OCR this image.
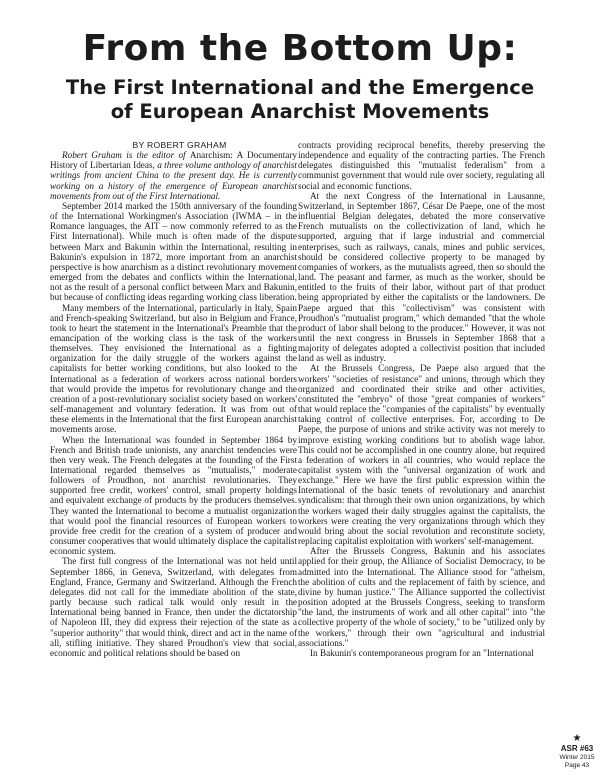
From the Bottom Up:
The First International and the Emergence
of European Anarchist Movements

BY ROBERT GRAHAM

Robert Graham is the editor of Anarchism: A Documentary History of Libertarian Ideas, a three volume anthology of anarchist writings from ancient China to the present day. He is currently working on a history of the emergence of European anarchist movements from out of the First International.

September 2014 marked the 150th anniversary of the founding of the International Workingmen's Association (IWMA – in the Romance languages, the AIT – now commonly referred to as the First International). While much is often made of the dispute between Marx and Bakunin within the International, resulting in Bakunin's expulsion in 1872, more important from an anarchist perspective is how anarchism as a distinct revolutionary movement emerged from the debates and conflicts within the International, not as the result of a personal conflict between Marx and Bakunin, but because of conflicting ideas regarding working class liberation.

Many members of the International, particularly in Italy, Spain and French-speaking Switzerland, but also in Belgium and France, took to heart the statement in the International's Preamble that the emancipation of the working class is the task of the workers themselves. They envisioned the International as a fighting organization for the daily struggle of the workers against the capitalists for better working conditions, but also looked to the International as a federation of workers across national borders that would provide the impetus for revolutionary change and the creation of a post-revolutionary socialist society based on workers' self-management and voluntary federation. It was from out of these elements in the International that the first European anarchist movements arose.

When the International was founded in September 1864 by French and British trade unionists, any anarchist tendencies were then very weak. The French delegates at the founding of the First International regarded themselves as "mutualists," moderate followers of Proudhon, not anarchist revolutionaries. They supported free credit, workers' control, small property holdings and equivalent exchange of products by the producers themselves. They wanted the International to become a mutualist organization that would pool the financial resources of European workers to provide free credit for the creation of a system of producer and consumer cooperatives that would ultimately displace the capitalist economic system.

The first full congress of the International was not held until September 1866, in Geneva, Switzerland, with delegates from England, France, Germany and Switzerland. Although the French delegates did not call for the immediate abolition of the state, partly because such radical talk would only result in the International being banned in France, then under the dictatorship of Napoleon III, they did express their rejection of the state as a "superior authority" that would think, direct and act in the name of all, stifling initiative. They shared Proudhon's view that social, economic and political relations should be based on

contracts providing reciprocal benefits, thereby preserving the independence and equality of the contracting parties. The French delegates distinguished this "mutualist federalism" from a communist government that would rule over society, regulating all social and economic functions.

At the next Congress of the International in Lausanne, Switzerland, in September 1867, César De Paepe, one of the most influential Belgian delegates, debated the more conservative French mutualists on the collectivization of land, which he supported, arguing that if large industrial and commercial enterprises, such as railways, canals, mines and public services, should be considered collective property to be managed by companies of workers, as the mutualists agreed, then so should the land. The peasant and farmer, as much as the worker, should be entitled to the fruits of their labor, without part of that product being appropriated by either the capitalists or the landowners. De Paepe argued that this "collectivism" was consistent with Proudhon's "mutualist program," which demanded "that the whole product of labor shall belong to the producer." However, it was not until the next congress in Brussels in September 1868 that a majority of delegates adopted a collectivist position that included land as well as industry.

At the Brussels Congress, De Paepe also argued that the workers' "societies of resistance" and unions, through which they organized and coordinated their strike and other activities, constituted the "embryo" of those "great companies of workers" that would replace the "companies of the capitalists" by eventually taking control of collective enterprises. For, according to De Paepe, the purpose of unions and strike activity was not merely to improve existing working conditions but to abolish wage labor. This could not be accomplished in one country alone, but required a federation of workers in all countries, who would replace the capitalist system with the "universal organization of work and exchange." Here we have the first public expression within the International of the basic tenets of revolutionary and anarchist syndicalism: that through their own union organizations, by which the workers waged their daily struggles against the capitalists, the workers were creating the very organizations through which they would bring about the social revolution and reconstitute society, replacing capitalist exploitation with workers' self-management.

After the Brussels Congress, Bakunin and his associates applied for their group, the Alliance of Socialist Democracy, to be admitted into the International. The Alliance stood for "atheism, the abolition of cults and the replacement of faith by science, and divine by human justice." The Alliance supported the collectivist position adopted at the Brussels Congress, seeking to transform "the land, the instruments of work and all other capital" into "the collective property of the whole of society," to be "utilized only by the workers," through their own "agricultural and industrial associations."

In Bakunin's contemporaneous program for an "International

★
ASR #63
Winter 2015
Page 43
